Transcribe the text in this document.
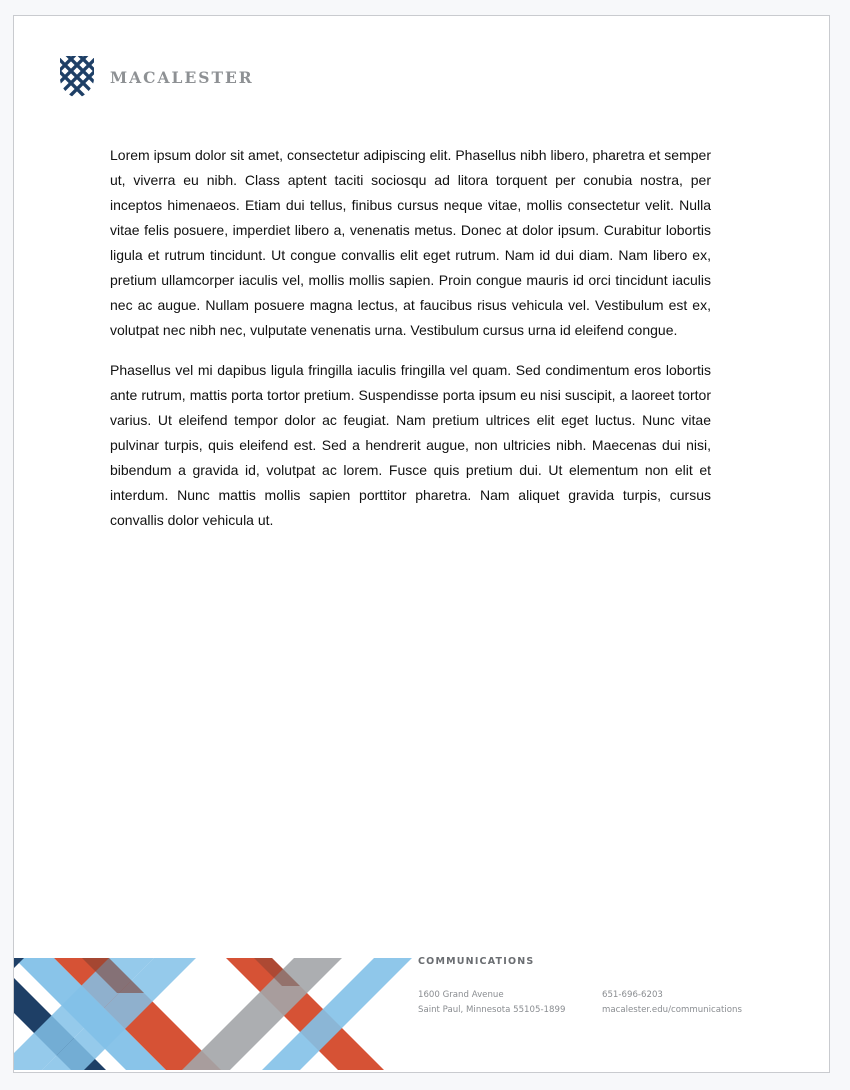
MACALESTER

Lorem ipsum dolor sit amet, consectetur adipiscing elit. Phasellus nibh libero, pharetra et semper ut, viverra eu nibh. Class aptent taciti sociosqu ad litora torquent per conubia nostra, per inceptos himenaeos. Etiam dui tellus, finibus cursus neque vitae, mollis consectetur velit. Nulla vitae felis posuere, imperdiet libero a, venenatis metus. Donec at dolor ipsum. Curabitur lobortis ligula et rutrum tincidunt. Ut congue convallis elit eget rutrum. Nam id dui diam. Nam libero ex, pretium ullamcorper iaculis vel, mollis mollis sapien. Proin congue mauris id orci tincidunt iaculis nec ac augue. Nullam posuere magna lectus, at faucibus risus vehicula vel. Vestibulum est ex, volutpat nec nibh nec, vulputate venenatis urna. Vestibulum cursus urna id eleifend congue.

Phasellus vel mi dapibus ligula fringilla iaculis fringilla vel quam. Sed condimentum eros lobortis ante rutrum, mattis porta tortor pretium. Suspendisse porta ipsum eu nisi suscipit, a laoreet tortor varius. Ut eleifend tempor dolor ac feugiat. Nam pretium ultrices elit eget luctus. Nunc vitae pulvinar turpis, quis eleifend est. Sed a hendrerit augue, non ultricies nibh. Maecenas dui nisi, bibendum a gravida id, volutpat ac lorem. Fusce quis pretium dui. Ut elementum non elit et interdum. Nunc mattis mollis sapien porttitor pharetra. Nam aliquet gravida turpis, cursus convallis dolor vehicula ut.

COMMUNICATIONS
1600 Grand Avenue
Saint Paul, Minnesota 55105-1899
651-696-6203
macalester.edu/communications
